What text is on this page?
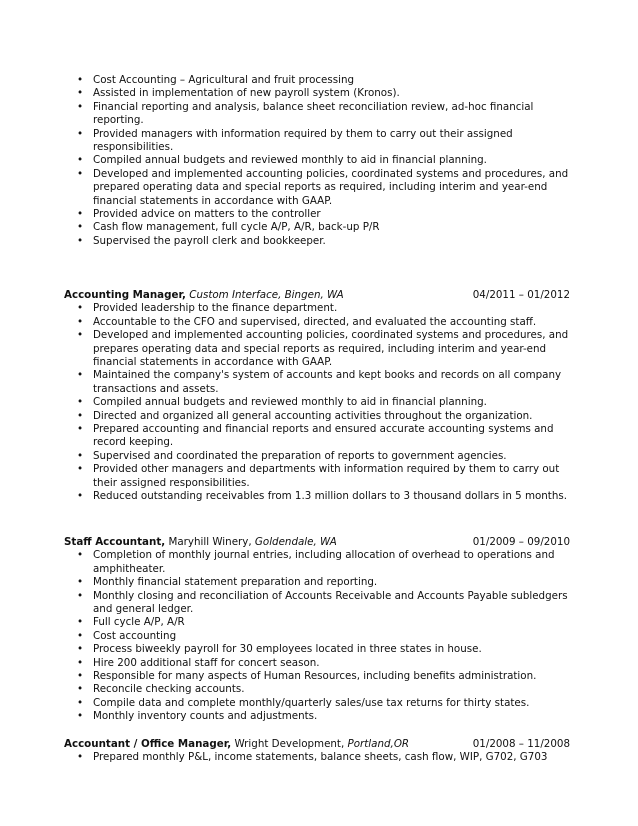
• Cost Accounting – Agricultural and fruit processing
• Assisted in implementation of new payroll system (Kronos).
• Financial reporting and analysis, balance sheet reconciliation review, ad-hoc financial reporting.
• Provided managers with information required by them to carry out their assigned responsibilities.
• Compiled annual budgets and reviewed monthly to aid in financial planning.
• Developed and implemented accounting policies, coordinated systems and procedures, and prepared operating data and special reports as required, including interim and year-end financial statements in accordance with GAAP.
• Provided advice on matters to the controller
• Cash flow management, full cycle A/P, A/R, back-up P/R
• Supervised the payroll clerk and bookkeeper.
Accounting Manager, Custom Interface, Bingen, WA	04/2011 – 01/2012
• Provided leadership to the finance department.
• Accountable to the CFO and supervised, directed, and evaluated the accounting staff.
• Developed and implemented accounting policies, coordinated systems and procedures, and prepares operating data and special reports as required, including interim and year-end financial statements in accordance with GAAP.
• Maintained the company's system of accounts and kept books and records on all company transactions and assets.
• Compiled annual budgets and reviewed monthly to aid in financial planning.
• Directed and organized all general accounting activities throughout the organization.
• Prepared accounting and financial reports and ensured accurate accounting systems and record keeping.
• Supervised and coordinated the preparation of reports to government agencies.
• Provided other managers and departments with information required by them to carry out their assigned responsibilities.
• Reduced outstanding receivables from 1.3 million dollars to 3 thousand dollars in 5 months.
Staff Accountant, Maryhill Winery, Goldendale, WA	01/2009 – 09/2010
• Completion of monthly journal entries, including allocation of overhead to operations and amphitheater.
• Monthly financial statement preparation and reporting.
• Monthly closing and reconciliation of Accounts Receivable and Accounts Payable subledgers and general ledger.
• Full cycle A/P, A/R
• Cost accounting
• Process biweekly payroll for 30 employees located in three states in house.
• Hire 200 additional staff for concert season.
• Responsible for many aspects of Human Resources, including benefits administration.
• Reconcile checking accounts.
• Compile data and complete monthly/quarterly sales/use tax returns for thirty states.
• Monthly inventory counts and adjustments.
Accountant / Office Manager, Wright Development, Portland,OR	01/2008 – 11/2008
• Prepared monthly P&L, income statements, balance sheets, cash flow, WIP, G702, G703
